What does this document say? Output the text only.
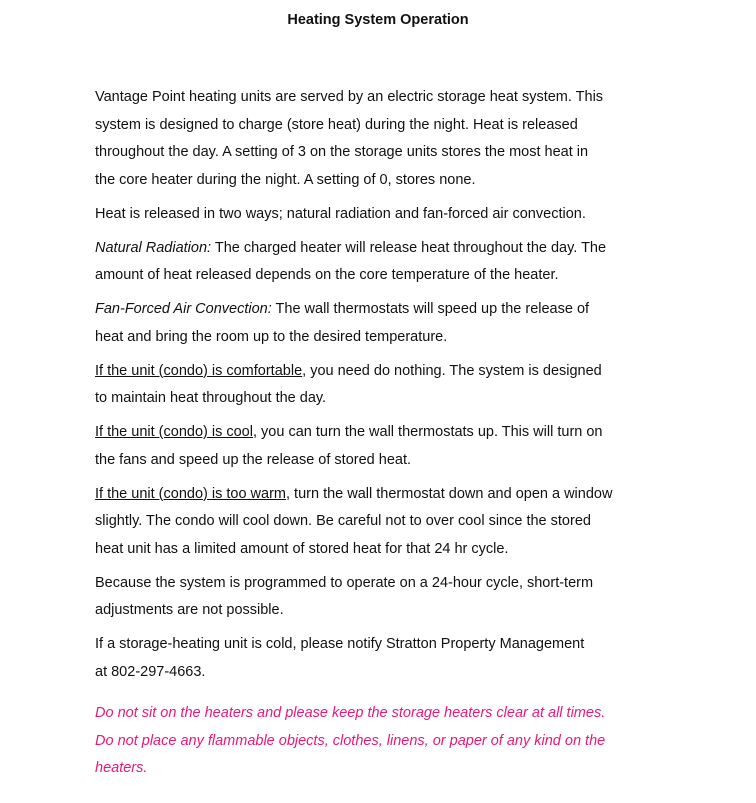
Heating System Operation
Vantage Point heating units are served by an electric storage heat system. This
system is designed to charge (store heat) during the night. Heat is released
throughout the day. A setting of 3 on the storage units stores the most heat in
the core heater during the night. A setting of 0, stores none.
Heat is released in two ways; natural radiation and fan-forced air convection.
Natural Radiation: The charged heater will release heat throughout the day. The
amount of heat released depends on the core temperature of the heater.
Fan-Forced Air Convection: The wall thermostats will speed up the release of
heat and bring the room up to the desired temperature.
If the unit (condo) is comfortable, you need do nothing. The system is designed
to maintain heat throughout the day.
If the unit (condo) is cool, you can turn the wall thermostats up. This will turn on
the fans and speed up the release of stored heat.
If the unit (condo) is too warm, turn the wall thermostat down and open a window
slightly. The condo will cool down. Be careful not to over cool since the stored
heat unit has a limited amount of stored heat for that 24 hr cycle.
Because the system is programmed to operate on a 24-hour cycle, short-term
adjustments are not possible.
If a storage-heating unit is cold, please notify Stratton Property Management
at 802-297-4663.
Do not sit on the heaters and please keep the storage heaters clear at all times.
Do not place any flammable objects, clothes, linens, or paper of any kind on the
heaters.
